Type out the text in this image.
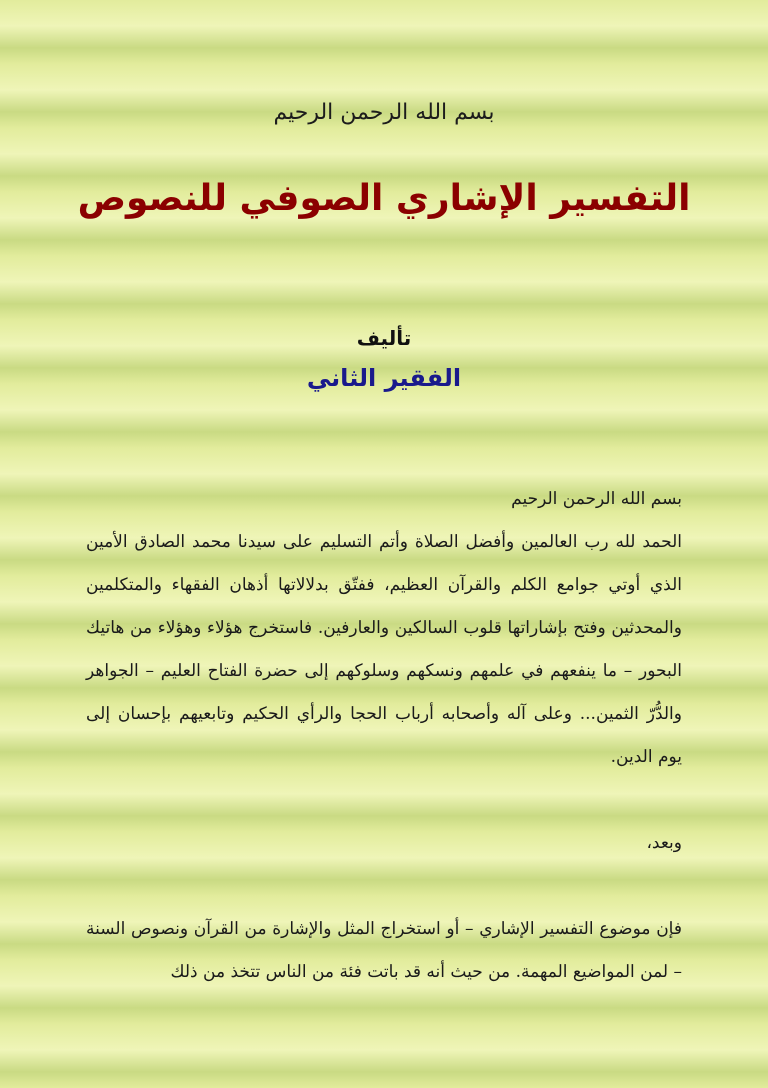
بسم الله الرحمن الرحيم
التفسير الإشاري الصوفي للنصوص
تأليف
الفقير الثاني

بسم الله الرحمن الرحيم

الحمد لله رب العالمين وأفضل الصلاة وأتم التسليم على سيدنا محمد الصادق الأمين الذي أوتي جوامع الكلم والقرآن العظيم، ففتّق بدلالاتها أذهان الفقهاء والمتكلمين والمحدثين وفتح بإشاراتها قلوب السالكين والعارفين. فاستخرج هؤلاء وهؤلاء من هاتيك البحور – ما ينفعهم في علمهم ونسكهم وسلوكهم إلى حضرة الفتاح العليم – الجواهر والدُّرّ الثمين... وعلى آله وأصحابه أرباب الحجا والرأي الحكيم وتابعيهم بإحسان إلى يوم الدين.

وبعد،

فإن موضوع التفسير الإشاري – أو استخراج المثل والإشارة من القرآن ونصوص السنة – لمن المواضيع المهمة. من حيث أنه قد باتت فئة من الناس تتخذ من ذلك
